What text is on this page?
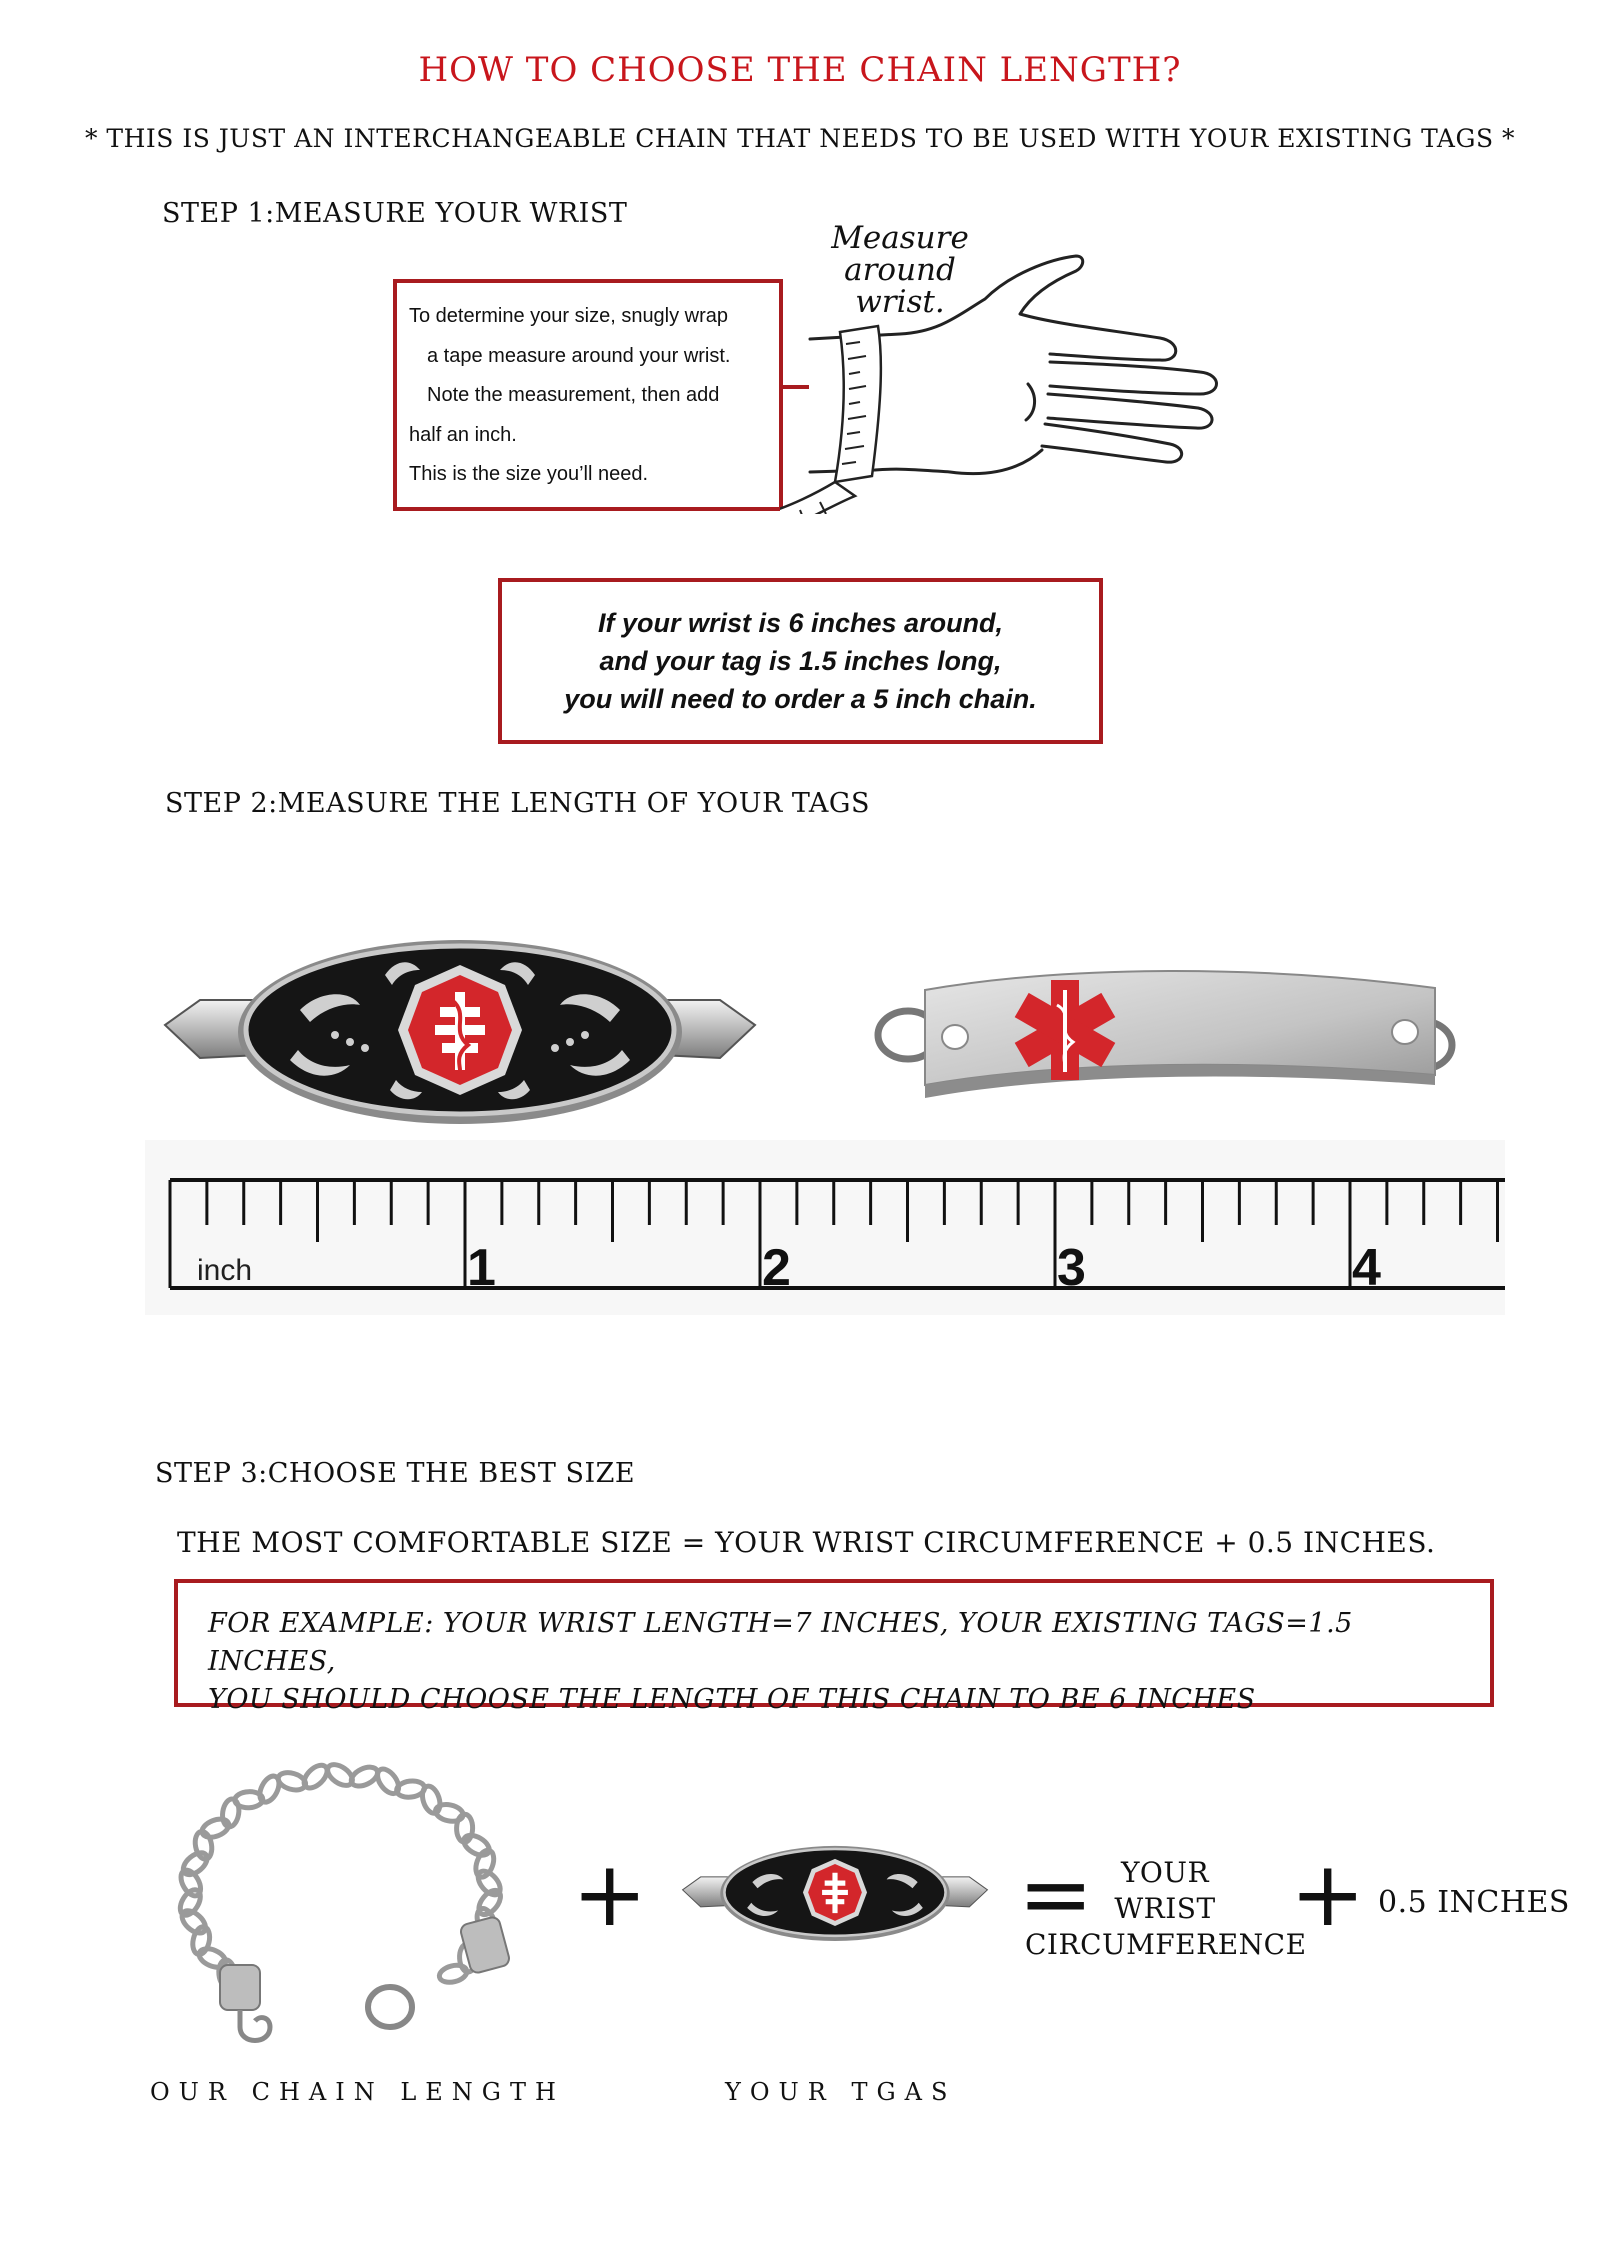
HOW TO CHOOSE THE CHAIN LENGTH?
* THIS IS JUST AN INTERCHANGEABLE CHAIN THAT NEEDS TO BE USED WITH YOUR EXISTING TAGS *
STEP 1:MEASURE YOUR WRIST

To determine your size, snugly wrap

a tape measure around your wrist.

Note the measurement, then add

half an inch.

This is the size you’ll need.

Measure
around
wrist.
If your wrist is 6 inches around,
and your tag is 1.5 inches long,
you will need to order a 5 inch chain.
STEP 2:MEASURE THE LENGTH OF YOUR TAGS
inch	1	2	3	4
STEP 3:CHOOSE THE BEST SIZE
THE MOST COMFORTABLE SIZE = YOUR WRIST CIRCUMFERENCE + 0.5 INCHES.
FOR EXAMPLE: YOUR WRIST LENGTH=7 INCHES, YOUR EXISTING TAGS=1.5 INCHES,
YOU SHOULD CHOOSE THE LENGTH OF THIS CHAIN TO BE 6 INCHES
+	= YOUR
WRIST
CIRCUMFERENCE
+ 0.5 INCHES
OUR CHAIN LENGTH	YOUR TGAS
